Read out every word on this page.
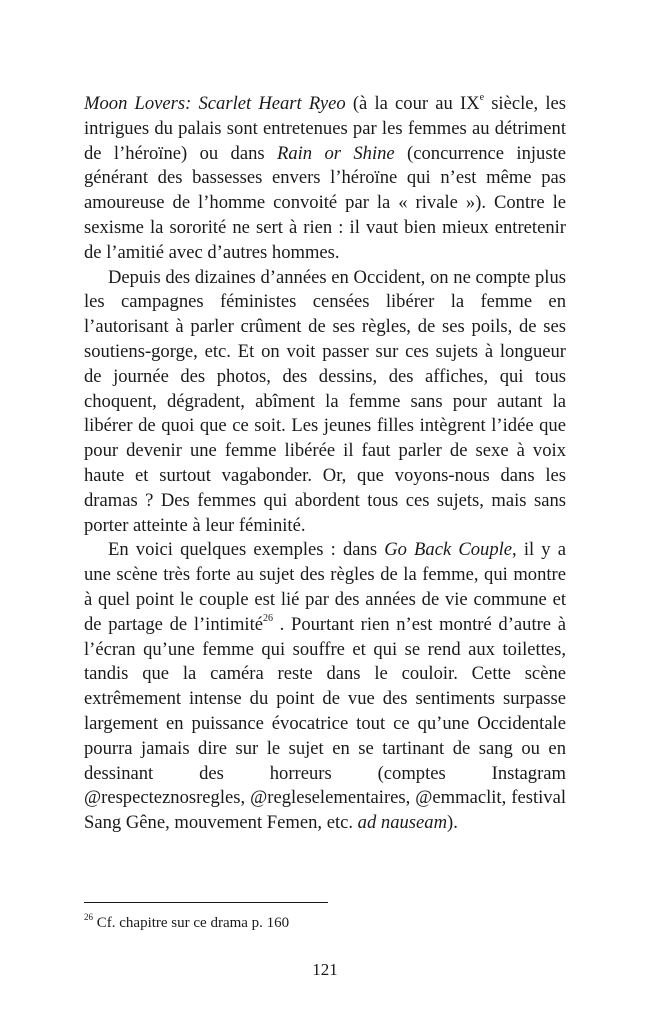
Moon Lovers: Scarlet Heart Ryeo (à la cour au IXe siècle, les intrigues du palais sont entretenues par les femmes au détriment de l’héroïne) ou dans Rain or Shine (concurrence injuste générant des bassesses envers l’héroïne qui n’est même pas amoureuse de l’homme convoité par la « rivale »). Contre le sexisme la sororité ne sert à rien : il vaut bien mieux entretenir de l’amitié avec d’autres hommes.

Depuis des dizaines d’années en Occident, on ne compte plus les campagnes féministes censées libérer la femme en l’autorisant à parler crûment de ses règles, de ses poils, de ses soutiens-gorge, etc. Et on voit passer sur ces sujets à longueur de journée des photos, des dessins, des affiches, qui tous choquent, dégradent, abîment la femme sans pour autant la libérer de quoi que ce soit. Les jeunes filles intègrent l’idée que pour devenir une femme libérée il faut parler de sexe à voix haute et surtout vagabonder. Or, que voyons-nous dans les dramas ? Des femmes qui abordent tous ces sujets, mais sans porter atteinte à leur féminité.

En voici quelques exemples : dans Go Back Couple, il y a une scène très forte au sujet des règles de la femme, qui montre à quel point le couple est lié par des années de vie commune et de partage de l’intimité$^{26}$ . Pourtant rien n’est montré d’autre à l’écran qu’une femme qui souffre et qui se rend aux toilettes, tandis que la caméra reste dans le couloir. Cette scène extrêmement intense du point de vue des sentiments surpasse largement en puissance évocatrice tout ce qu’une Occidentale pourra jamais dire sur le sujet en se tartinant de sang ou en dessinant des horreurs (comptes Instagram @respecteznosregles, @regleselementaires, @emmaclit, festival Sang Gêne, mouvement Femen, etc. ad nauseam).

$^{26}$ Cf. chapitre sur ce drama p. 160
121
